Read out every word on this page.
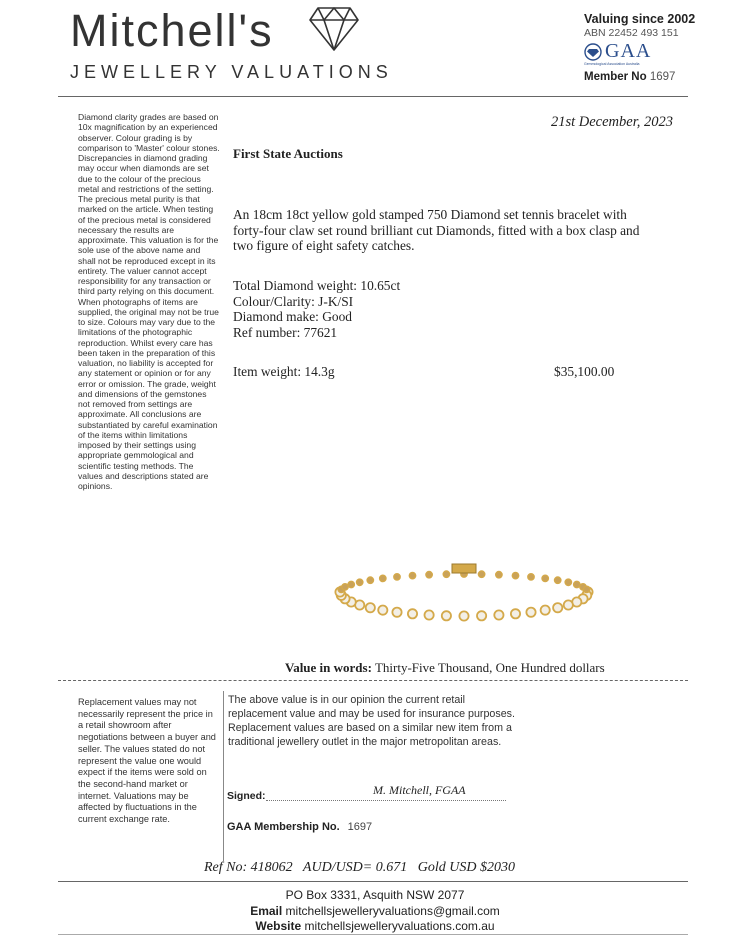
Mitchell's
JEWELLERY VALUATIONS
Valuing since 2002
ABN 22452 493 151
GAA
Gemmological Association Australia
Member No 1697

Diamond clarity grades are based on 10x magnification by an experienced observer. Colour grading is by comparison to 'Master' colour stones. Discrepancies in diamond grading may occur when diamonds are set due to the colour of the precious metal and restrictions of the setting. The precious metal purity is that marked on the article. When testing of the precious metal is considered necessary the results are approximate. This valuation is for the sole use of the above name and shall not be reproduced except in its entirety. The valuer cannot accept responsibility for any transaction or third party relying on this document. When photographs of items are supplied, the original may not be true to size. Colours may vary due to the limitations of the photographic reproduction. Whilst every care has been taken in the preparation of this valuation, no liability is accepted for any statement or opinion or for any error or omission. The grade, weight and dimensions of the gemstones not removed from settings are approximate. All conclusions are substantiated by careful examination of the items within limitations imposed by their settings using appropriate gemmological and scientific testing methods. The values and descriptions stated are opinions.

21st December, 2023
First State Auctions
An 18cm 18ct yellow gold stamped 750 Diamond set tennis bracelet with forty-four claw set round brilliant cut Diamonds, fitted with a box clasp and two figure of eight safety catches.
Total Diamond weight: 10.65ct
Colour/Clarity: J-K/SI
Diamond make: Good
Ref number: 77621
Item weight: 14.3g	$35,100.00
Value in words: Thirty-Five Thousand, One Hundred dollars

Replacement values may not necessarily represent the price in a retail showroom after negotiations between a buyer and seller. The values stated do not represent the value one would expect if the items were sold on the second-hand market or internet. Valuations may be affected by fluctuations in the current exchange rate.

The above value is in our opinion the current retail replacement value and may be used for insurance purposes. Replacement values are based on a similar new item from a traditional jewellery outlet in the major metropolitan areas.
Signed:	M. Mitchell, FGAA
GAA Membership No. 1697
Ref No: 418062 AUD/USD= 0.671 Gold USD $2030
PO Box 3331, Asquith NSW 2077
Email mitchellsjewelleryvaluations@gmail.com
Website mitchellsjewelleryvaluations.com.au
